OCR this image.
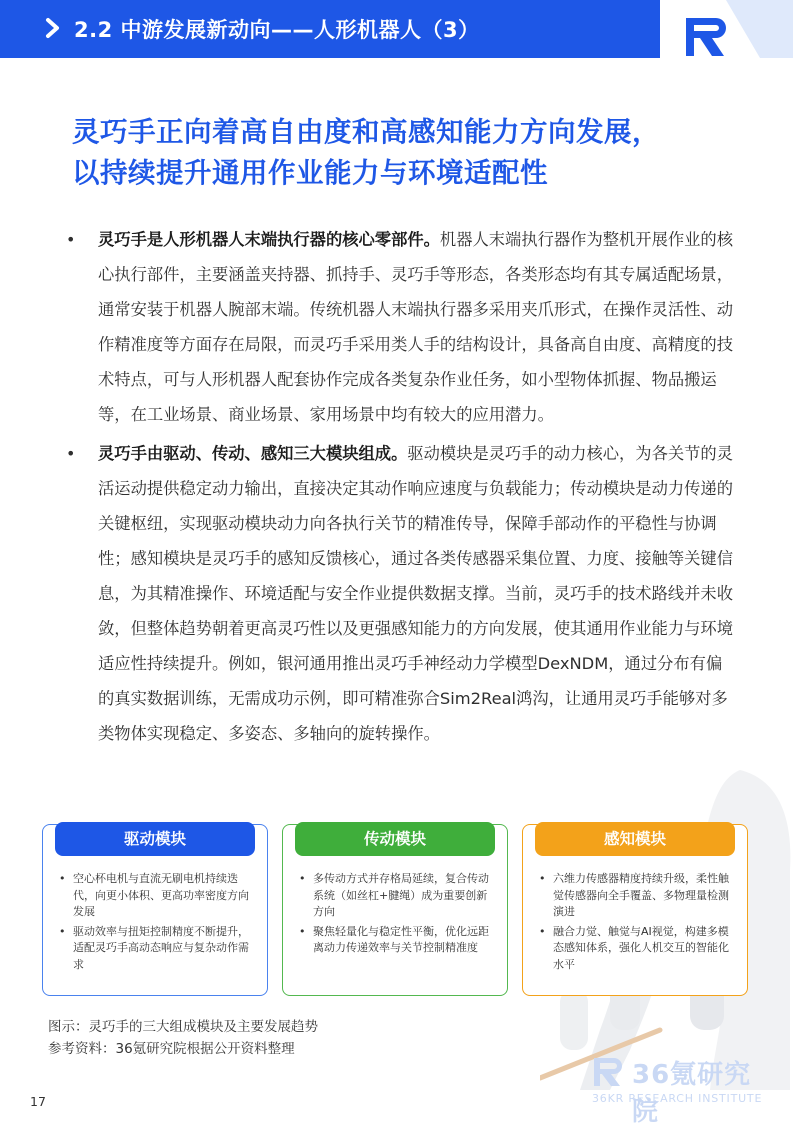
2.2 中游发展新动向——人形机器人（3）
灵巧手正向着高自由度和高感知能力方向发展，
以持续提升通用作业能力与环境适配性
• 灵巧手是人形机器人末端执行器的核心零部件。机器人末端执行器作为整机开展作业的核心执行部件，主要涵盖夹持器、抓持手、灵巧手等形态，各类形态均有其专属适配场景，通常安装于机器人腕部末端。传统机器人末端执行器多采用夹爪形式，在操作灵活性、动作精准度等方面存在局限，而灵巧手采用类人手的结构设计，具备高自由度、高精度的技术特点，可与人形机器人配套协作完成各类复杂作业任务，如小型物体抓握、物品搬运等，在工业场景、商业场景、家用场景中均有较大的应用潜力。
• 灵巧手由驱动、传动、感知三大模块组成。驱动模块是灵巧手的动力核心，为各关节的灵活运动提供稳定动力输出，直接决定其动作响应速度与负载能力；传动模块是动力传递的关键枢纽，实现驱动模块动力向各执行关节的精准传导，保障手部动作的平稳性与协调性；感知模块是灵巧手的感知反馈核心，通过各类传感器采集位置、力度、接触等关键信息，为其精准操作、环境适配与安全作业提供数据支撑。当前，灵巧手的技术路线并未收敛，但整体趋势朝着更高灵巧性以及更强感知能力的方向发展，使其通用作业能力与环境适应性持续提升。例如，银河通用推出灵巧手神经动力学模型DexNDM，通过分布有偏的真实数据训练，无需成功示例，即可精准弥合Sim2Real鸿沟，让通用灵巧手能够对多类物体实现稳定、多姿态、多轴向的旋转操作。
驱动模块
• 空心杯电机与直流无刷电机持续迭代，向更小体积、更高功率密度方向发展
• 驱动效率与扭矩控制精度不断提升，适配灵巧手高动态响应与复杂动作需求
传动模块
• 多传动方式并存格局延续，复合传动系统（如丝杠+腱绳）成为重要创新方向
• 聚焦轻量化与稳定性平衡，优化远距离动力传递效率与关节控制精准度
感知模块
• 六维力传感器精度持续升级，柔性触觉传感器向全手覆盖、多物理量检测演进
• 融合力觉、触觉与AI视觉，构建多模态感知体系，强化人机交互的智能化水平
图示：灵巧手的三大组成模块及主要发展趋势
参考资料：36氪研究院根据公开资料整理
36氪研究院
36KR RESEARCH INSTITUTE
17
